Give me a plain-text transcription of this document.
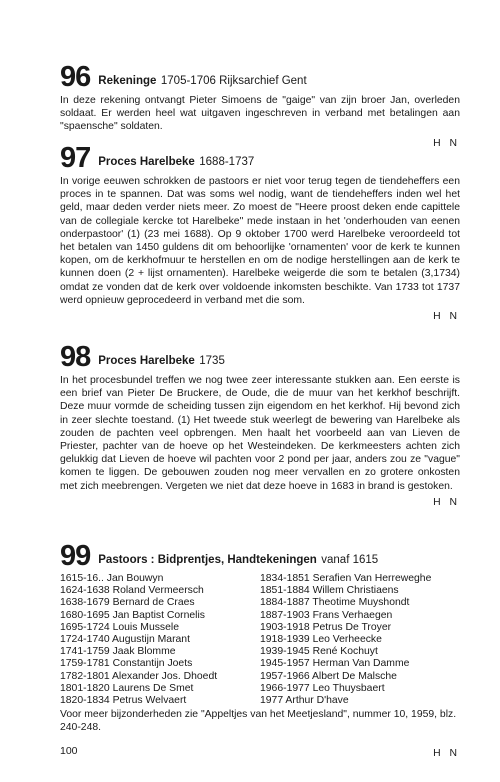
96 Rekeninge 1705-1706 Rijksarchief Gent
In deze rekening ontvangt Pieter Simoens de "gaige" van zijn broer Jan, overleden soldaat. Er werden heel wat uitgaven ingeschreven in verband met betalingen aan "spaensche" soldaten.
H N
97 Proces Harelbeke 1688-1737
In vorige eeuwen schrokken de pastoors er niet voor terug tegen de tiendeheffers een proces in te spannen. Dat was soms wel nodig, want de tiendeheffers inden wel het geld, maar deden verder niets meer. Zo moest de "Heere proost deken ende capittele van de collegiale kercke tot Harelbeke" mede instaan in het 'onderhouden van eenen onderpastoor' (1) (23 mei 1688). Op 9 oktober 1700 werd Harelbeke veroordeeld tot het betalen van 1450 guldens dit om behoorlijke 'ornamenten' voor de kerk te kunnen kopen, om de kerkhofmuur te herstellen en om de nodige herstellingen aan de kerk te kunnen doen (2 + lijst ornamenten). Harelbeke weigerde die som te betalen (3,1734) omdat ze vonden dat de kerk over voldoende inkomsten beschikte. Van 1733 tot 1737 werd opnieuw geprocedeerd in verband met die som.
H N
98 Proces Harelbeke 1735
In het procesbundel treffen we nog twee zeer interessante stukken aan. Een eerste is een brief van Pieter De Bruckere, de Oude, die de muur van het kerkhof beschrijft. Deze muur vormde de scheiding tussen zijn eigendom en het kerkhof. Hij bevond zich in zeer slechte toestand. (1) Het tweede stuk weerlegt de bewering van Harelbeke als zouden de pachten veel opbrengen. Men haalt het voorbeeld aan van Lieven de Priester, pachter van de hoeve op het Westeindeken. De kerkmeesters achten zich gelukkig dat Lieven de hoeve wil pachten voor 2 pond per jaar, anders zou ze "vague" komen te liggen. De gebouwen zouden nog meer vervallen en zo grotere onkosten met zich meebrengen. Vergeten we niet dat deze hoeve in 1683 in brand is gestoken.
H N
99 Pastoors : Bidprentjes, Handtekeningen vanaf 1615
1615-16.. Jan Bouwyn
1624-1638 Roland Vermeersch
1638-1679 Bernard de Craes
1680-1695 Jan Baptist Cornelis
1695-1724 Louis Mussele
1724-1740 Augustijn Marant
1741-1759 Jaak Blomme
1759-1781 Constantijn Joets
1782-1801 Alexander Jos. Dhoedt
1801-1820 Laurens De Smet
1820-1834 Petrus Welvaert
1834-1851 Serafien Van Herreweghe
1851-1884 Willem Christiaens
1884-1887 Theotime Muyshondt
1887-1903 Frans Verhaegen
1903-1918 Petrus De Troyer
1918-1939 Leo Verheecke
1939-1945 René Kochuyt
1945-1957 Herman Van Damme
1957-1966 Albert De Malsche
1966-1977 Leo Thuysbaert
1977 Arthur D'have
Voor meer bijzonderheden zie "Appeltjes van het Meetjesland", nummer 10, 1959, blz. 240-248.
H N
100
